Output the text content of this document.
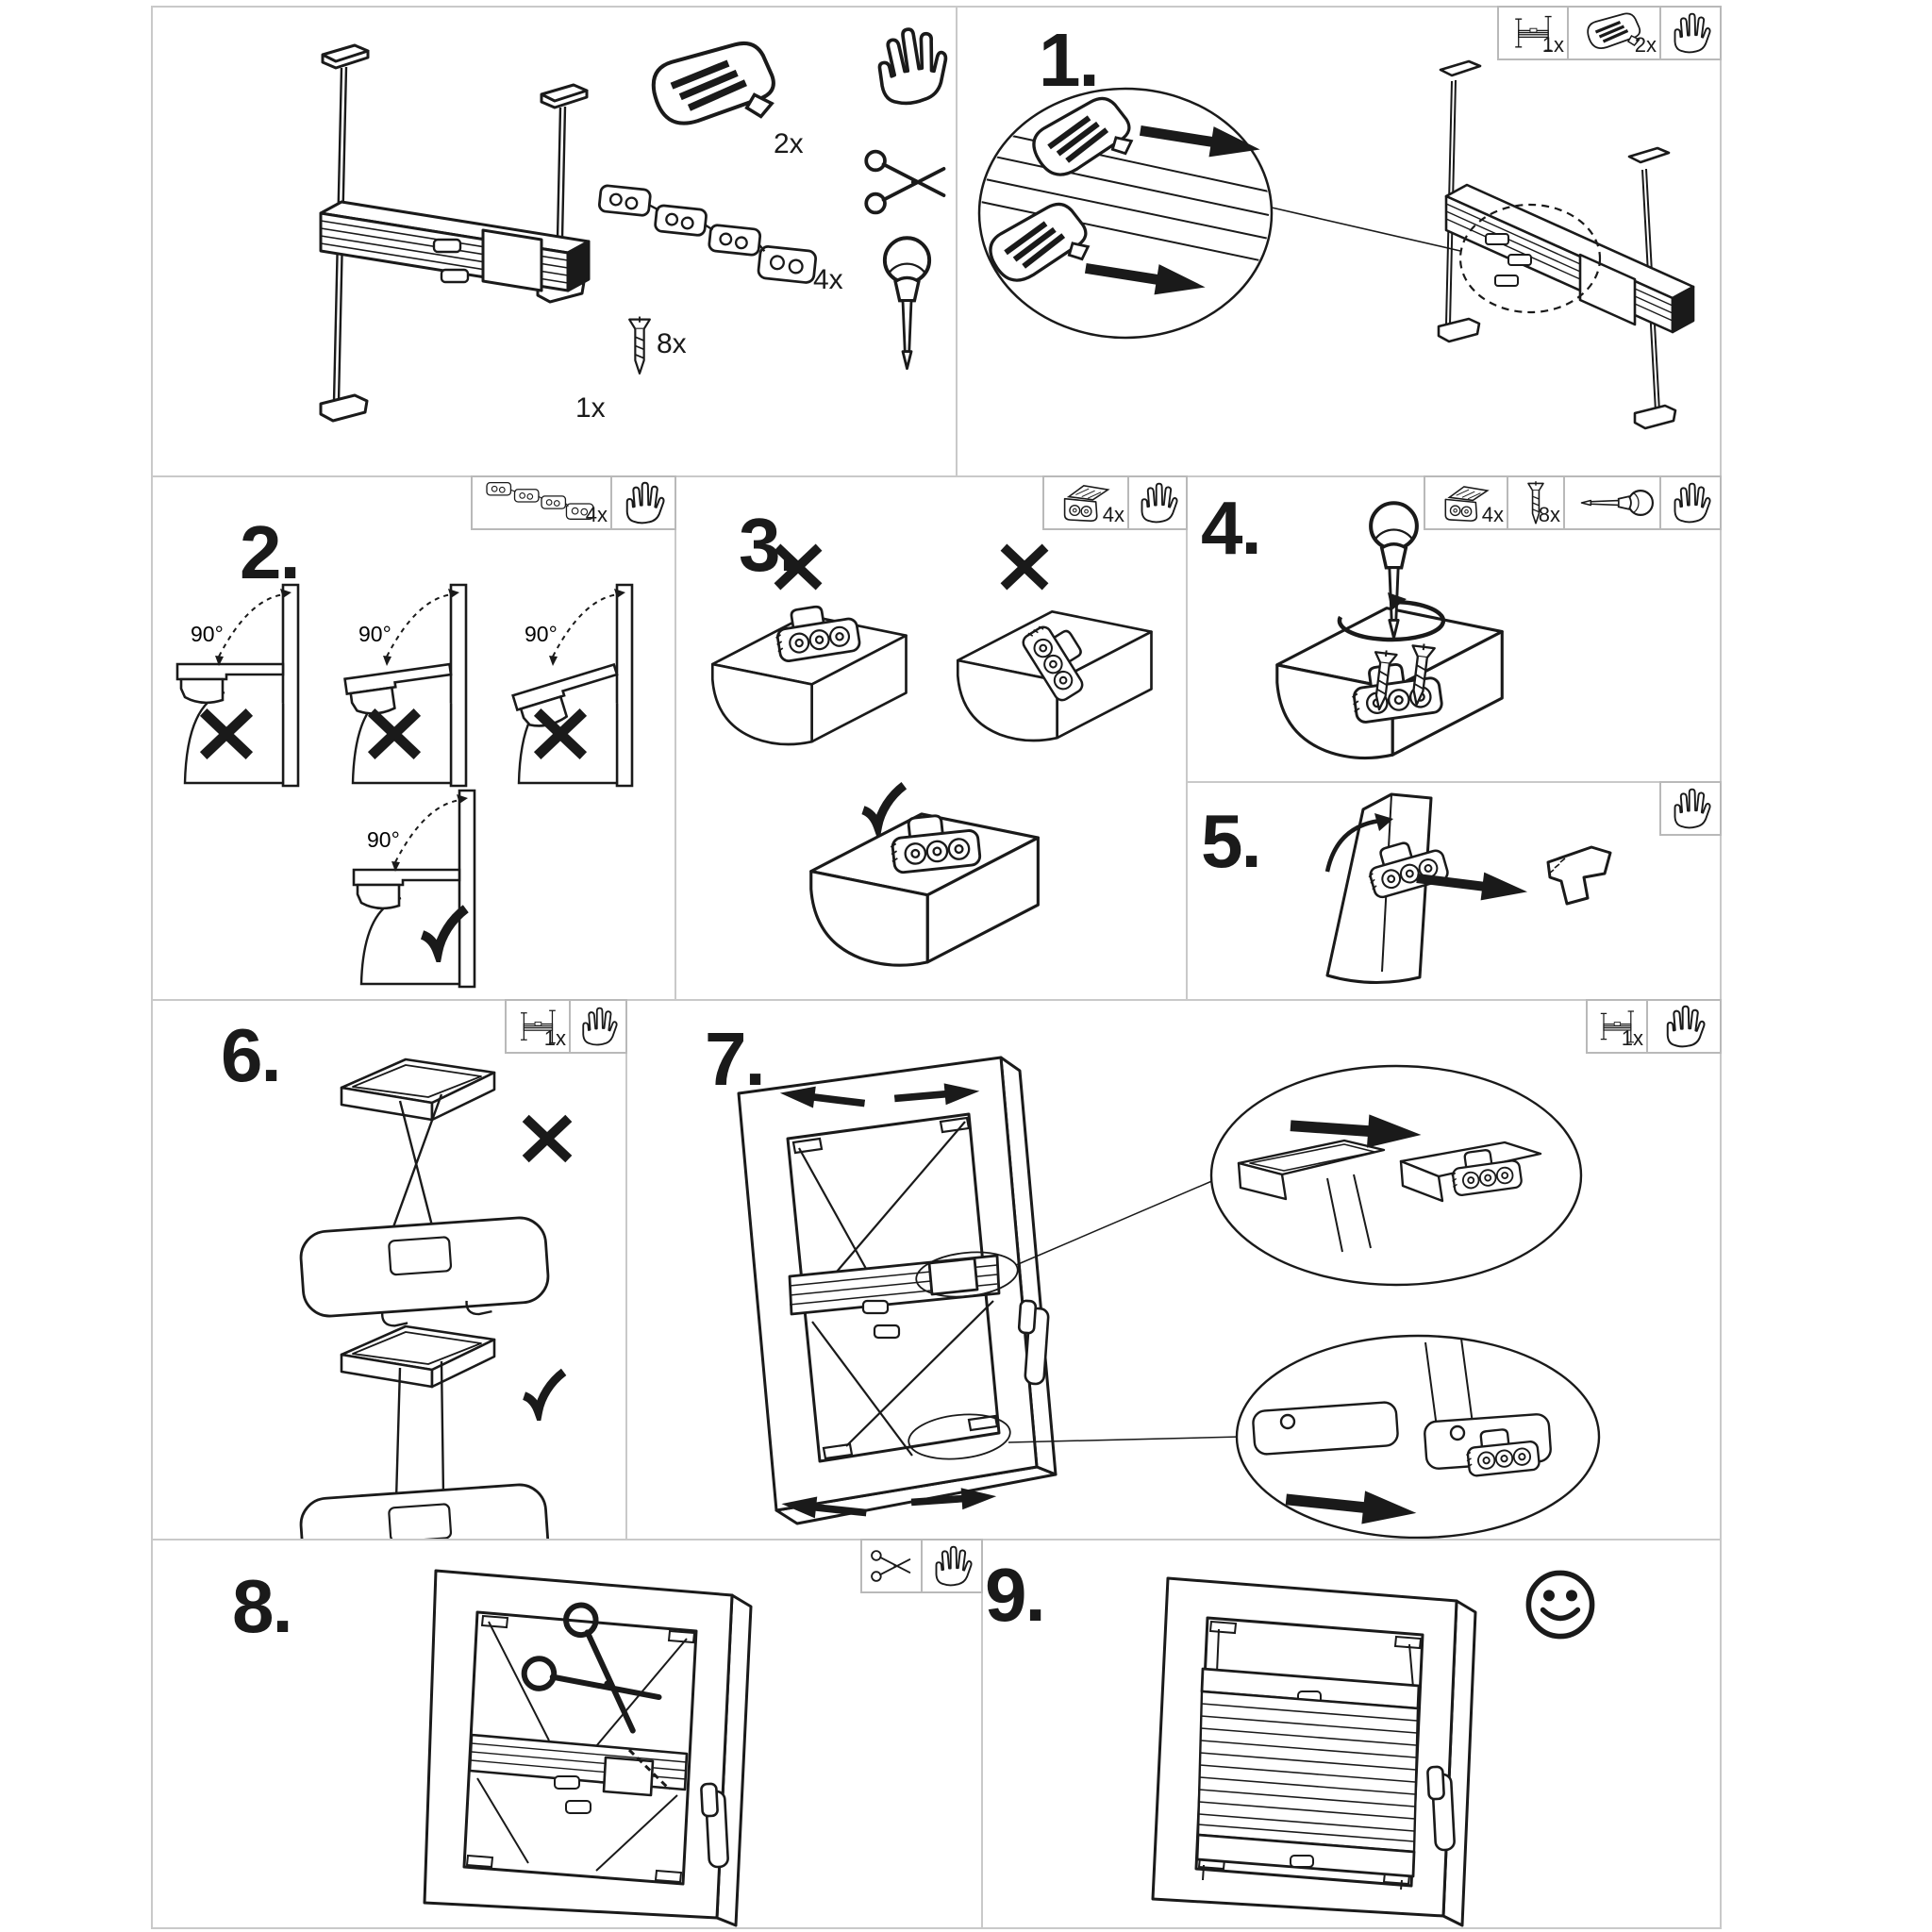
1x
2x
4x
8x
1.	1x	2x
2.	4x
90°	90°	90°
90°
3.	4x 4.	4x 8x
5.
6.	1x 7.	1x
8.	9.
